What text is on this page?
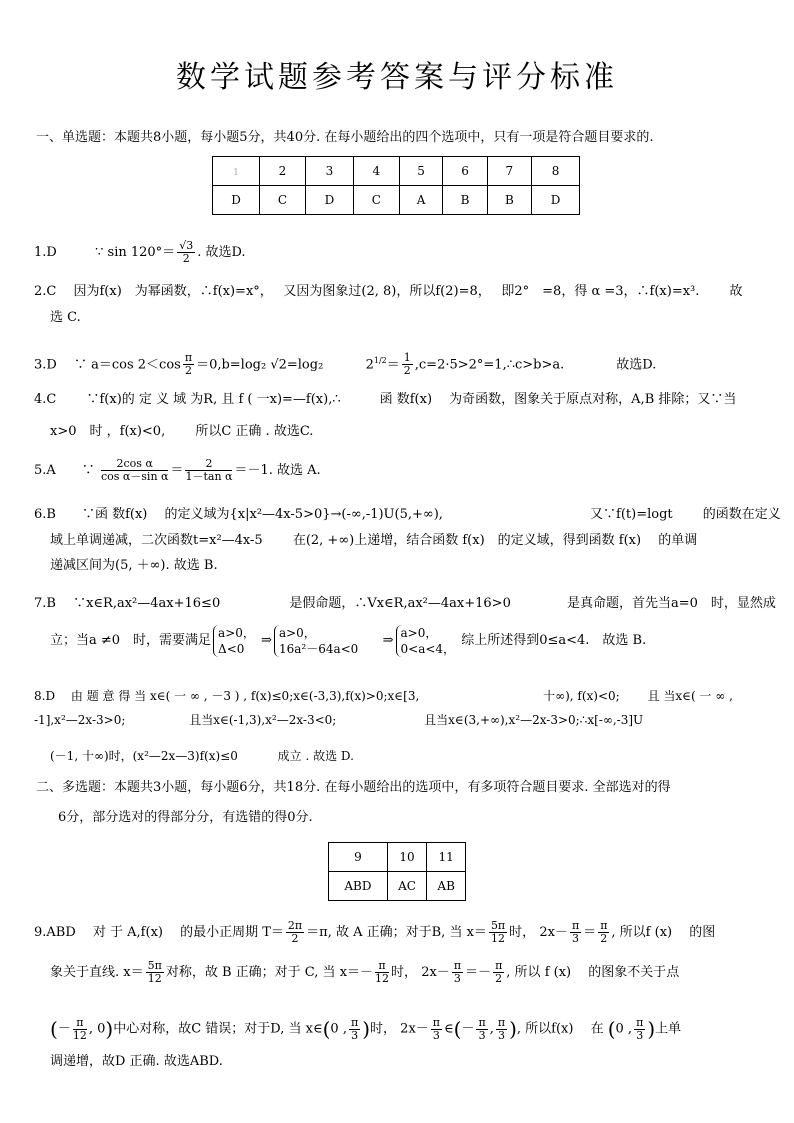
数学试题参考答案与评分标准
一、单选题：本题共8小题，每小题5分，共40分. 在每小题给出的四个选项中，只有一项是符合题目要求的.
1	2	3	4	5	6	7	8
D	C	D	C	A	B	B	D
1.D	∵ $\sin 120^\circ= \frac{√3}{2}$ . 故选D.
2.C　 因为f(x)　为幂函数，∴f(x)=x°，　 又因为图象过(2, 8)，所以f(2)=8，　 即2°　=8，得 α =3，∴f(x)=x³.　　 故
选 C.
3.D　 ∵ a＝cos $2<\cos \frac{\pi}{2} =0,b=\log_2$ √2=log₂	$2^{1/2}= \frac{1}{2}$ ,c=2·5>2°=1,∴c>b>a.　　　　故选D.
4.C　　 ∵f(x)的 定 义 域 为R, 且 f ( 一x)=—f(x),∴　　　函 数f(x)　 为奇函数，图象关于原点对称，A,B 排除；又∵当
x>0　时 ，f(x)<0,　　 所以C 正确 . 故选C.
5.A　　∵ $\frac{\text{2cos α}}{\text{cos α－sin α}} = \frac{2}{\text{1－tan α}} =-1$. 故选 A.
6.B　　∵函 数f(x)　 的定义域为{x|x²—4x-5>0}→(-∞,-1)U(5,+∞),　　　　　　　　　　　 又∵f(t)=logt　　 的函数在定义
域上单调递减，二次函数t=x²—4x-5　　 在(2, +∞)上递增，结合函数 f(x)　的定义域，得到函数 f(x)　 的单调
递减区间为(5, ＋∞). 故选 B.
7.B　 ∵x∈R,ax²—4ax+16≤0　　　　　 是假命题，∴Vx∈R,ax²—4ax+16>0　　　　 是真命题，首先当a=0　时，显然成
立；当a ≠0　时，需要满足
a>0，
Δ<0
⇒
a>0，
16a²－64a<0
⇒
a>0，
0<a<4，
综上所述得到0≤a<4.　故选 B.
8.D　 由 题 意 得 当 x∈( 一 ∞ , －3 ) , f(x)≤0;x∈(-3,3),f(x)>0;x∈[3,　　　　　　　　　　 十∞), f(x)<0;　　 且 当x∈( 一 ∞ ,
-1],x²—2x-3>0;　　　　　 且当x∈(-1,3),x²—2x-3<0;　　　　　　　 且当x∈(3,+∞),x²—2x-3>0;∴x[-∞,-3]U
(－1, 十∞)时，(x²—2x—3)f(x)≤0　　　 成立 . 故选 D.
二、多选题：本题共3小题，每小题6分，共18分. 在每小题给出的选项中，有多项符合题目要求. 全部选对的得
6分，部分选对的得部分分，有选错的得0分.
9	10	11
ABD	AC	AB
9.ABD　 对 于 A,f(x)　 的最小正周期 $T= \frac{2\pi}{2} =\pi$, 故 A 正确；对于B, 当 $x= \frac{5\pi}{12}$ 时， $2x- \frac{\pi}{3} = \frac{\pi}{2}$ , 所以f (x)　 的图
象关于直线. $x= \frac{5\pi}{12}$ 对称，故 B 正确；对于 C, 当 $x=- \frac{\pi}{12}$ 时， $2x- \frac{\pi}{3} =- \frac{\pi}{2}$ , 所以 f (x)　 的图象不关于点
(－ $\frac{\pi}{12}$ , 0)中心对称，故C 错误；对于D, 当 x∈(0 , $\frac{\pi}{3}$ )时， $2x- \frac{\pi}{3}$ ∈(－ $\frac{\pi}{3}$ , $\frac{\pi}{3}$ ), 所以f(x)　 在 (0 , $\frac{\pi}{3}$ )上单
调递增，故D 正确. 故选ABD.
